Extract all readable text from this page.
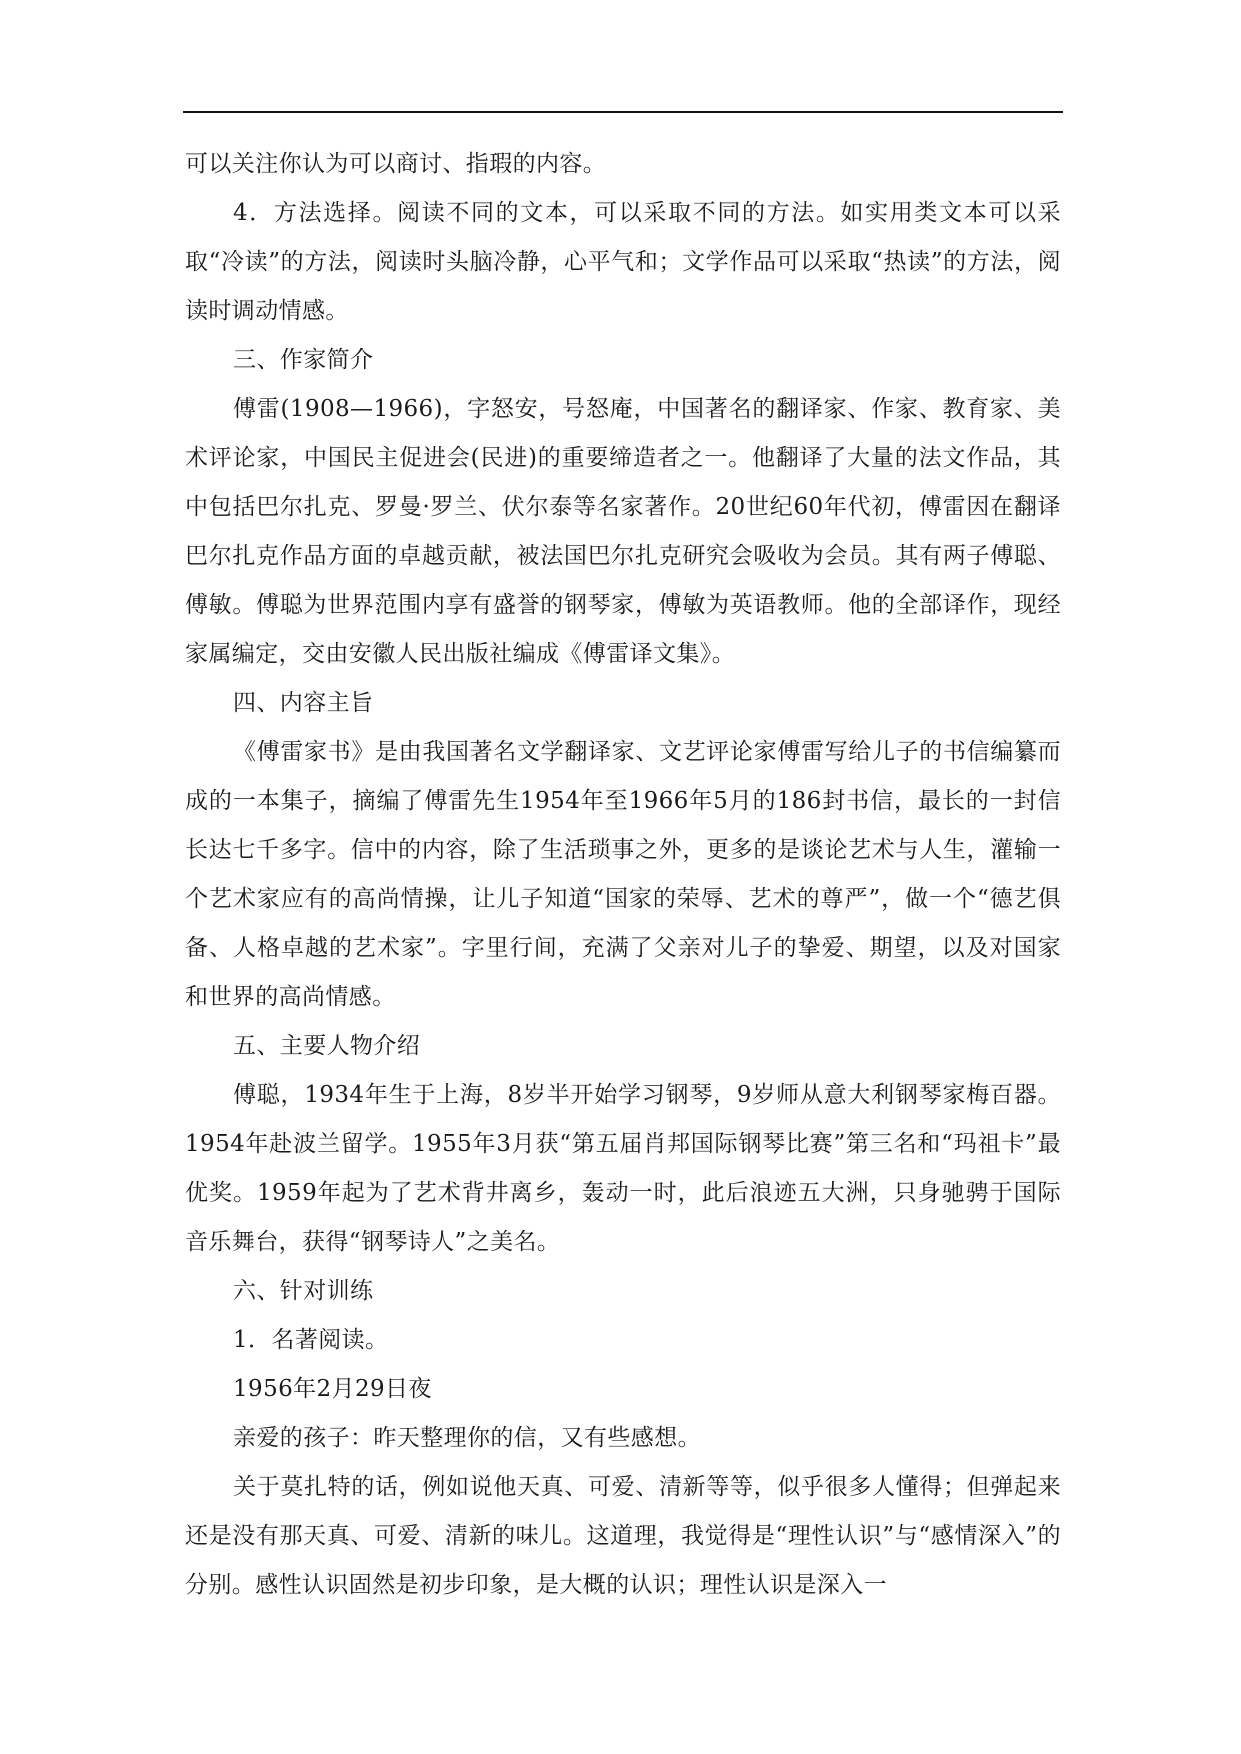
可以关注你认为可以商讨、指瑕的内容。

4．方法选择。阅读不同的文本，可以采取不同的方法。如实用类文本可以采取“冷读”的方法，阅读时头脑冷静，心平气和；文学作品可以采取“热读”的方法，阅读时调动情感。

三、作家简介

傅雷(1908—1966)，字怒安，号怒庵，中国著名的翻译家、作家、教育家、美术评论家，中国民主促进会(民进)的重要缔造者之一。他翻译了大量的法文作品，其中包括巴尔扎克、罗曼·罗兰、伏尔泰等名家著作。20世纪60年代初，傅雷因在翻译巴尔扎克作品方面的卓越贡献，被法国巴尔扎克研究会吸收为会员。其有两子傅聪、傅敏。傅聪为世界范围内享有盛誉的钢琴家，傅敏为英语教师。他的全部译作，现经家属编定，交由安徽人民出版社编成《傅雷译文集》。

四、内容主旨

《傅雷家书》是由我国著名文学翻译家、文艺评论家傅雷写给儿子的书信编纂而成的一本集子，摘编了傅雷先生1954年至1966年5月的186封书信，最长的一封信长达七千多字。信中的内容，除了生活琐事之外，更多的是谈论艺术与人生，灌输一个艺术家应有的高尚情操，让儿子知道“国家的荣辱、艺术的尊严”，做一个“德艺俱备、人格卓越的艺术家”。字里行间，充满了父亲对儿子的挚爱、期望，以及对国家和世界的高尚情感。

五、主要人物介绍

傅聪，1934年生于上海，8岁半开始学习钢琴，9岁师从意大利钢琴家梅百器。1954年赴波兰留学。1955年3月获“第五届肖邦国际钢琴比赛”第三名和“玛祖卡”最优奖。1959年起为了艺术背井离乡，轰动一时，此后浪迹五大洲，只身驰骋于国际音乐舞台，获得“钢琴诗人”之美名。

六、针对训练

1．名著阅读。

1956年2月29日夜

亲爱的孩子：昨天整理你的信，又有些感想。

关于莫扎特的话，例如说他天真、可爱、清新等等，似乎很多人懂得；但弹起来还是没有那天真、可爱、清新的味儿。这道理，我觉得是“理性认识”与“感情深入”的分别。感性认识固然是初步印象，是大概的认识；理性认识是深入一
